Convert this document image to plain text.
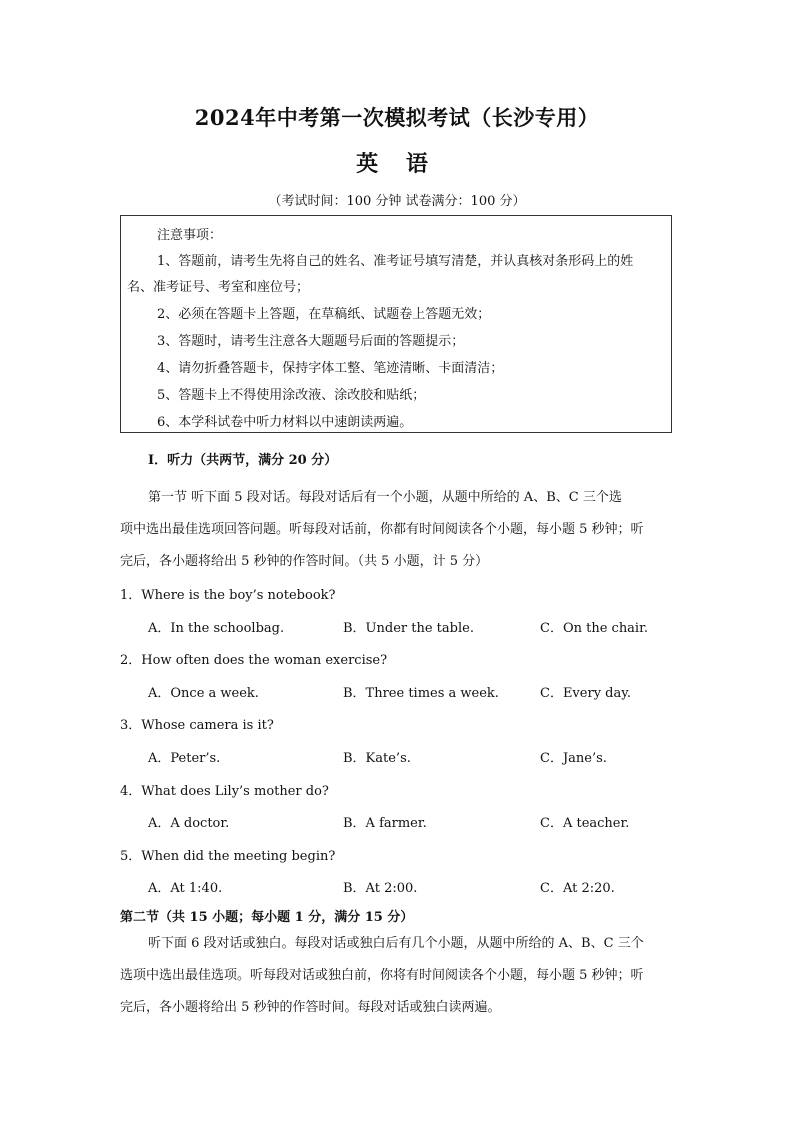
2024年中考第一次模拟考试（长沙专用）
英 语
（考试时间：100 分钟 试卷满分：100 分）
注意事项：
1、答题前，请考生先将自己的姓名、准考证号填写清楚，并认真核对条形码上的姓
名、准考证号、考室和座位号；
2、必须在答题卡上答题，在草稿纸、试题卷上答题无效；
3、答题时，请考生注意各大题题号后面的答题提示；
4、请勿折叠答题卡，保持字体工整、笔迹清晰、卡面清洁；
5、答题卡上不得使用涂改液、涂改胶和贴纸；
6、本学科试卷中听力材料以中速朗读两遍。
I．听力（共两节，满分 20 分）
第一节 听下面 5 段对话。每段对话后有一个小题，从题中所给的 A、B、C 三个选
项中选出最佳选项回答问题。听每段对话前，你都有时间阅读各个小题，每小题 5 秒钟；听
完后，各小题将给出 5 秒钟的作答时间。（共 5 小题，计 5 分）
1．Where is the boy’s notebook?
A．In the schoolbag.	B．Under the table.	C．On the chair.
2．How often does the woman exercise?
A．Once a week.	B．Three times a week.	C．Every day.
3．Whose camera is it?
A．Peter’s.	B．Kate’s.	C．Jane’s.
4．What does Lily’s mother do?
A．A doctor.	B．A farmer.	C．A teacher.
5．When did the meeting begin?
A．At 1:40.	B．At 2:00.	C．At 2:20.
第二节（共 15 小题；每小题 1 分，满分 15 分）
听下面 6 段对话或独白。每段对话或独白后有几个小题，从题中所给的 A、B、C 三个
选项中选出最佳选项。听每段对话或独白前，你将有时间阅读各个小题，每小题 5 秒钟；听
完后，各小题将给出 5 秒钟的作答时间。每段对话或独白读两遍。
